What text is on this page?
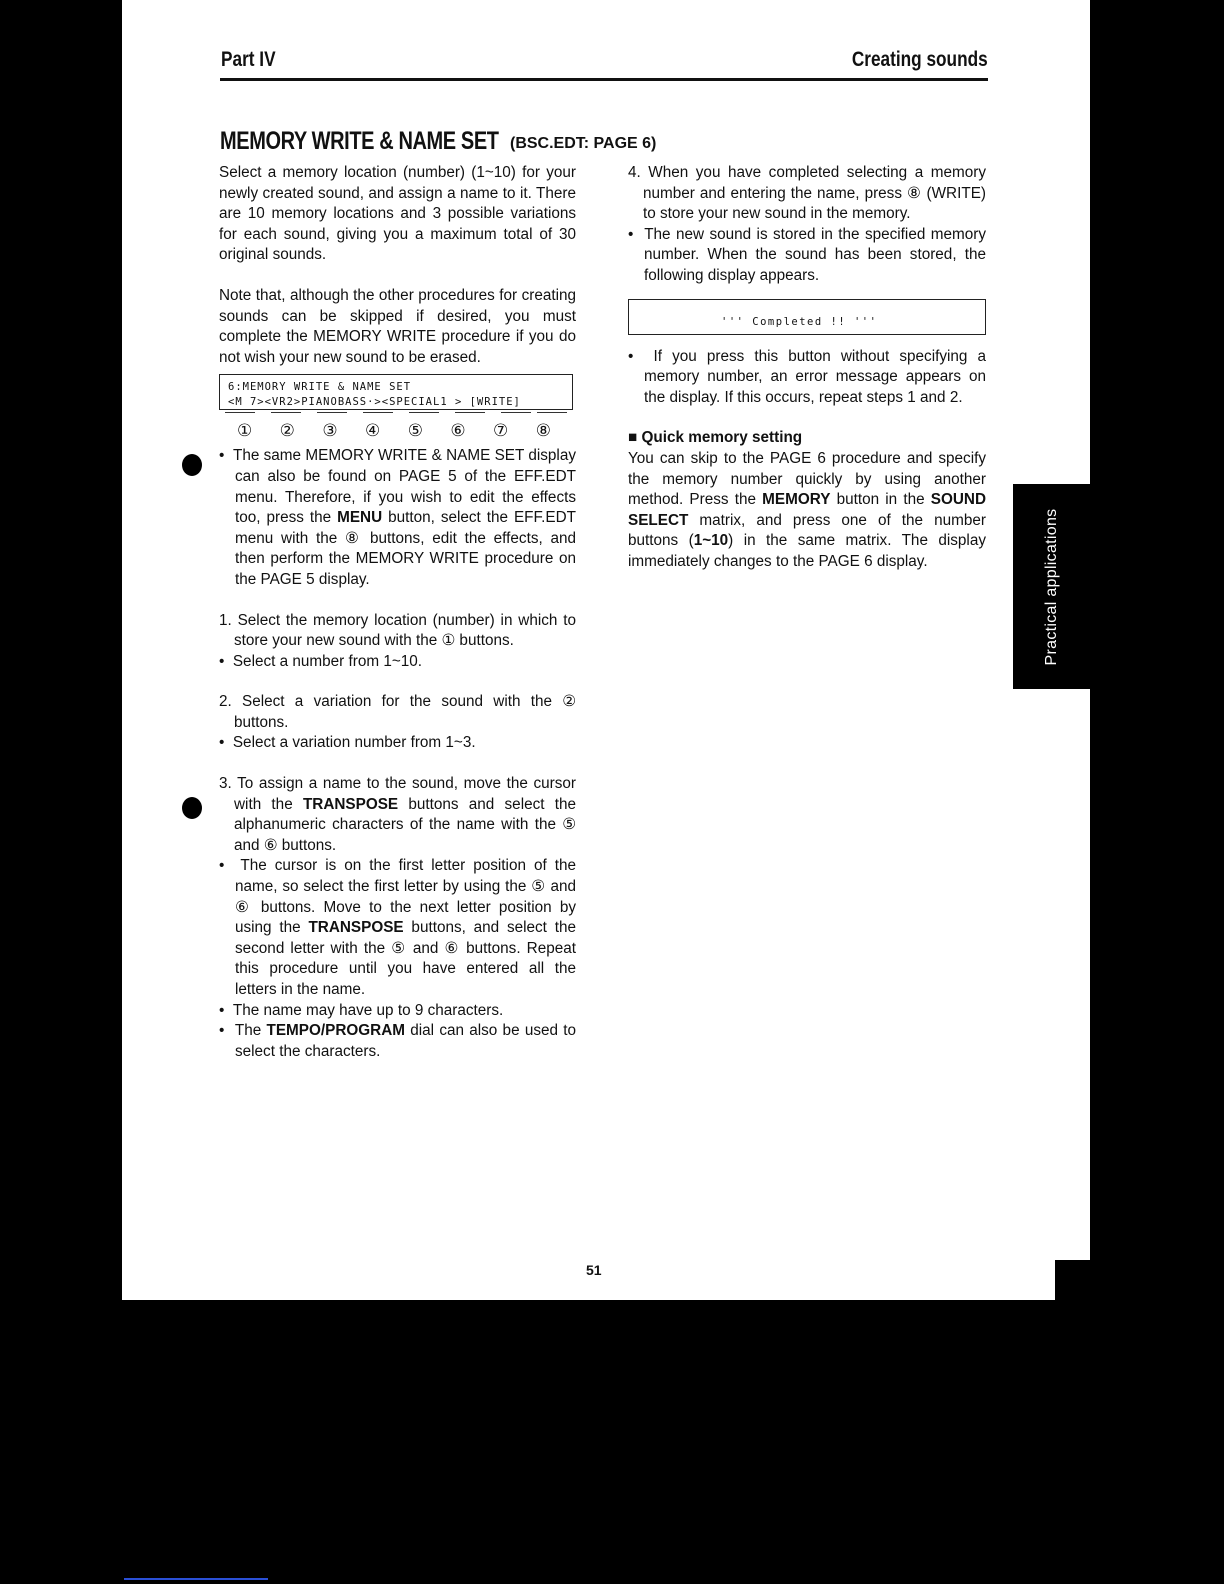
Part IV	Creating sounds
MEMORY WRITE & NAME SET (BSC.EDT: PAGE 6)

Select a memory location (number) (1~10) for your newly created sound, and assign a name to it. There are 10 memory locations and 3 possible variations for each sound, giving you a maximum total of 30 original sounds.

Note that, although the other procedures for creating sounds can be skipped if desired, you must complete the MEMORY WRITE procedure if you do not wish your new sound to be erased.

6:MEMORY WRITE & NAME SET
<M 7><VR2>PIANOBASS·><SPECIAL1 > [WRITE]
① ② ③ ④ ⑤ ⑥ ⑦ ⑧

•  The same MEMORY WRITE & NAME SET display can also be found on PAGE 5 of the EFF.EDT menu. Therefore, if you wish to edit the effects too, press the MENU button, select the EFF.EDT menu with the ⑧ buttons, edit the effects, and then perform the MEMORY WRITE procedure on the PAGE 5 display.

1. Select the memory location (number) in which to store your new sound with the ① buttons.

•  Select a number from 1~10.

2. Select a variation for the sound with the ② buttons.

•  Select a variation number from 1~3.

3. To assign a name to the sound, move the cursor with the TRANSPOSE buttons and select the alphanumeric characters of the name with the ⑤ and ⑥ buttons.

•  The cursor is on the first letter position of the name, so select the first letter by using the ⑤ and ⑥ buttons. Move to the next letter position by using the TRANSPOSE buttons, and select the second letter with the ⑤ and ⑥ buttons. Repeat this procedure until you have entered all the letters in the name.

•  The name may have up to 9 characters.

•  The TEMPO/PROGRAM dial can also be used to select the characters.

4. When you have completed selecting a memory number and entering the name, press ⑧ (WRITE) to store your new sound in the memory.

•  The new sound is stored in the specified memory number. When the sound has been stored, the following display appears.

''' Completed !! '''

•  If you press this button without specifying a memory number, an error message appears on the display. If this occurs, repeat steps 1 and 2.

■ Quick memory setting

You can skip to the PAGE 6 procedure and specify the memory number quickly by using another method. Press the MEMORY button in the SOUND SELECT matrix, and press one of the number buttons (1~10) in the same matrix. The display immediately changes to the PAGE 6 display.	Practical applications
51
